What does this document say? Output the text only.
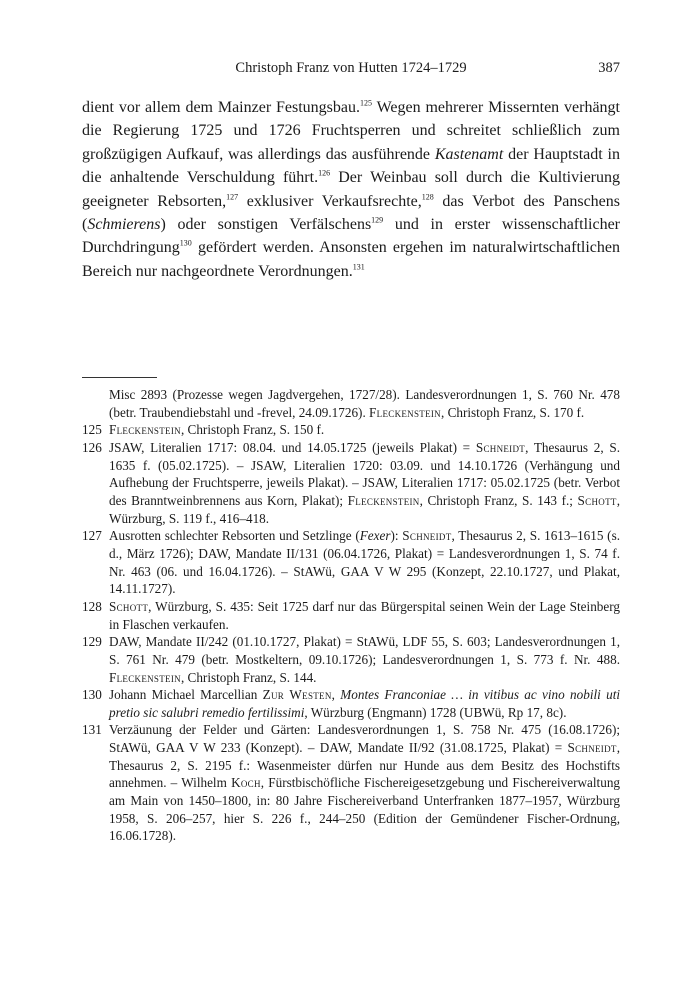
Christoph Franz von Hutten 1724–1729	387

dient vor allem dem Mainzer Festungsbau.$^{125}$ Wegen mehrerer Missernten verhängt die Regierung 1725 und 1726 Fruchtsperren und schreitet schließlich zum großzügigen Aufkauf, was allerdings das ausführende Kastenamt der Hauptstadt in die anhaltende Verschuldung führt.$^{126}$ Der Weinbau soll durch die Kultivierung geeigneter Rebsorten,$^{127}$ exklusiver Verkaufsrechte,$^{128}$ das Verbot des Panschens (Schmierens) oder sonstigen Verfälschens$^{129}$ und in erster wissenschaftlicher Durchdringung$^{130}$ gefördert werden. Ansonsten ergehen im naturalwirtschaftlichen Bereich nur nachgeordnete Verordnungen.$^{131}$

Misc 2893 (Prozesse wegen Jagdvergehen, 1727/28). Landesverordnungen 1, S. 760 Nr. 478 (betr. Traubendiebstahl und -frevel, 24.09.1726). Fleckenstein, Christoph Franz, S. 170 f.
125 Fleckenstein, Christoph Franz, S. 150 f.
126 JSAW, Literalien 1717: 08.04. und 14.05.1725 (jeweils Plakat) = Schneidt, Thesaurus 2, S. 1635 f. (05.02.1725). – JSAW, Literalien 1720: 03.09. und 14.10.1726 (Verhängung und Aufhebung der Fruchtsperre, jeweils Plakat). – JSAW, Literalien 1717: 05.02.1725 (betr. Verbot des Branntweinbrennens aus Korn, Plakat); Fleckenstein, Christoph Franz, S. 143 f.; Schott, Würzburg, S. 119 f., 416–418.
127 Ausrotten schlechter Rebsorten und Setzlinge (Fexer): Schneidt, Thesaurus 2, S. 1613–1615 (s. d., März 1726); DAW, Mandate II/131 (06.04.1726, Plakat) = Landesverordnungen 1, S. 74 f. Nr. 463 (06. und 16.04.1726). – StAWü, GAA V W 295 (Konzept, 22.10.1727, und Plakat, 14.11.1727).
128 Schott, Würzburg, S. 435: Seit 1725 darf nur das Bürgerspital seinen Wein der Lage Steinberg in Flaschen verkaufen.
129 DAW, Mandate II/242 (01.10.1727, Plakat) = StAWü, LDF 55, S. 603; Landesverordnungen 1, S. 761 Nr. 479 (betr. Mostkeltern, 09.10.1726); Landesverordnungen 1, S. 773 f. Nr. 488. Fleckenstein, Christoph Franz, S. 144.
130 Johann Michael Marcellian Zur Westen, Montes Franconiae … in vitibus ac vino nobili uti pretio sic salubri remedio fertilissimi, Würzburg (Engmann) 1728 (UBWü, Rp 17, 8c).
131 Verzäunung der Felder und Gärten: Landesverordnungen 1, S. 758 Nr. 475 (16.08.1726); StAWü, GAA V W 233 (Konzept). – DAW, Mandate II/92 (31.08.1725, Plakat) = Schneidt, Thesaurus 2, S. 2195 f.: Wasenmeister dürfen nur Hunde aus dem Besitz des Hochstifts annehmen. – Wilhelm Koch, Fürstbischöfliche Fischereigesetzgebung und Fischereiverwaltung am Main von 1450–1800, in: 80 Jahre Fischereiverband Unterfranken 1877–1957, Würzburg 1958, S. 206–257, hier S. 226 f., 244–250 (Edition der Gemündener Fischer-Ordnung, 16.06.1728).
